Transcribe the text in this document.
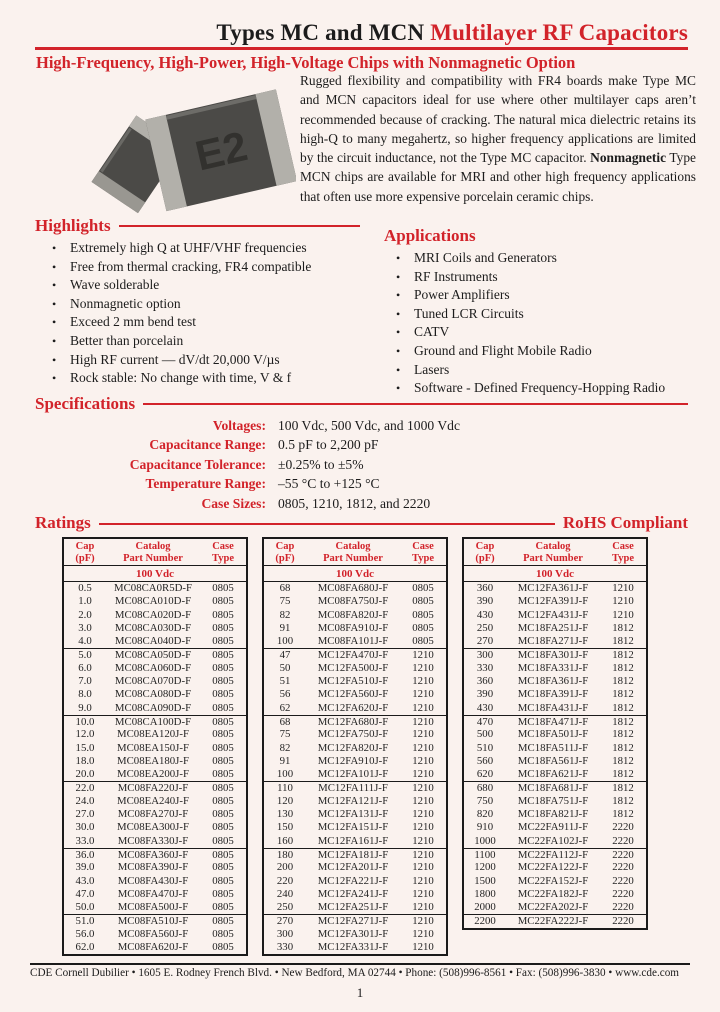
Types MC and MCN Multilayer RF Capacitors
High-Frequency, High-Power, High-Voltage Chips with Nonmagnetic Option
E2

Rugged flexibility and compatibility with FR4 boards make Type MC and MCN capacitors ideal for use where other multilayer caps aren’t recommended because of cracking. The natural mica dielectric retains its high-Q to many megahertz, so higher frequency applications are limited by the circuit inductance, not the Type MC capacitor. Nonmagnetic Type MCN chips are available for MRI and other high frequency applications that often use more expensive porcelain ceramic chips.

Highlights
• Extremely high Q at UHF/VHF frequencies
• Free from thermal cracking, FR4 compatible
• Wave solderable
• Nonmagnetic option
• Exceed 2 mm bend test
• Better than porcelain
• High RF current — dV/dt 20,000 V/µs
• Rock stable: No change with time, V & f
Applications
• MRI Coils and Generators
• RF Instruments
• Power Amplifiers
• Tuned LCR Circuits
• CATV
• Ground and Flight Mobile Radio
• Lasers
• Software - Defined Frequency-Hopping Radio
Specifications
Voltages: 100 Vdc, 500 Vdc, and 1000 Vdc
Capacitance Range: 0.5 pF to 2,200 pF
Capacitance Tolerance: ±0.25% to ±5%
Temperature Range: –55 °C to +125 °C
Case Sizes: 0805, 1210, 1812, and 2220
Ratings	RoHS Compliant
Cap
(pF)
Catalog
Part Number
Case
Type
100 Vdc
0.5	MC08CA0R5D-F	0805
1.0	MC08CA010D-F	0805
2.0	MC08CA020D-F	0805
3.0	MC08CA030D-F	0805
4.0	MC08CA040D-F	0805
5.0	MC08CA050D-F	0805
6.0	MC08CA060D-F	0805
7.0	MC08CA070D-F	0805
8.0	MC08CA080D-F	0805
9.0	MC08CA090D-F	0805
10.0	MC08CA100D-F	0805
12.0	MC08EA120J-F	0805
15.0	MC08EA150J-F	0805
18.0	MC08EA180J-F	0805
20.0	MC08EA200J-F	0805
22.0	MC08FA220J-F	0805
24.0	MC08EA240J-F	0805
27.0	MC08FA270J-F	0805
30.0	MC08EA300J-F	0805
33.0	MC08FA330J-F	0805
36.0	MC08FA360J-F	0805
39.0	MC08FA390J-F	0805
43.0	MC08FA430J-F	0805
47.0	MC08FA470J-F	0805
50.0	MC08FA500J-F	0805
51.0	MC08FA510J-F	0805
56.0	MC08FA560J-F	0805
62.0	MC08FA620J-F	0805
Cap
(pF)
Catalog
Part Number
Case
Type
100 Vdc
68	MC08FA680J-F	0805
75	MC08FA750J-F	0805
82	MC08FA820J-F	0805
91	MC08FA910J-F	0805
100	MC08FA101J-F	0805
47	MC12FA470J-F	1210
50	MC12FA500J-F	1210
51	MC12FA510J-F	1210
56	MC12FA560J-F	1210
62	MC12FA620J-F	1210
68	MC12FA680J-F	1210
75	MC12FA750J-F	1210
82	MC12FA820J-F	1210
91	MC12FA910J-F	1210
100	MC12FA101J-F	1210
110	MC12FA111J-F	1210
120	MC12FA121J-F	1210
130	MC12FA131J-F	1210
150	MC12FA151J-F	1210
160	MC12FA161J-F	1210
180	MC12FA181J-F	1210
200	MC12FA201J-F	1210
220	MC12FA221J-F	1210
240	MC12FA241J-F	1210
250	MC12FA251J-F	1210
270	MC12FA271J-F	1210
300	MC12FA301J-F	1210
330	MC12FA331J-F	1210
Cap
(pF)
Catalog
Part Number
Case
Type
100 Vdc
360	MC12FA361J-F	1210
390	MC12FA391J-F	1210
430	MC12FA431J-F	1210
250	MC18FA251J-F	1812
270	MC18FA271J-F	1812
300	MC18FA301J-F	1812
330	MC18FA331J-F	1812
360	MC18FA361J-F	1812
390	MC18FA391J-F	1812
430	MC18FA431J-F	1812
470	MC18FA471J-F	1812
500	MC18FA501J-F	1812
510	MC18FA511J-F	1812
560	MC18FA561J-F	1812
620	MC18FA621J-F	1812
680	MC18FA681J-F	1812
750	MC18FA751J-F	1812
820	MC18FA821J-F	1812
910	MC22FA911J-F	2220
1000	MC22FA102J-F	2220
1100	MC22FA112J-F	2220
1200	MC22FA122J-F	2220
1500	MC22FA152J-F	2220
1800	MC22FA182J-F	2220
2000	MC22FA202J-F	2220
2200	MC22FA222J-F	2220
CDE Cornell Dubilier • 1605 E. Rodney French Blvd. • New Bedford, MA 02744 • Phone: (508)996-8561 • Fax: (508)996-3830 • www.cde.com
1
